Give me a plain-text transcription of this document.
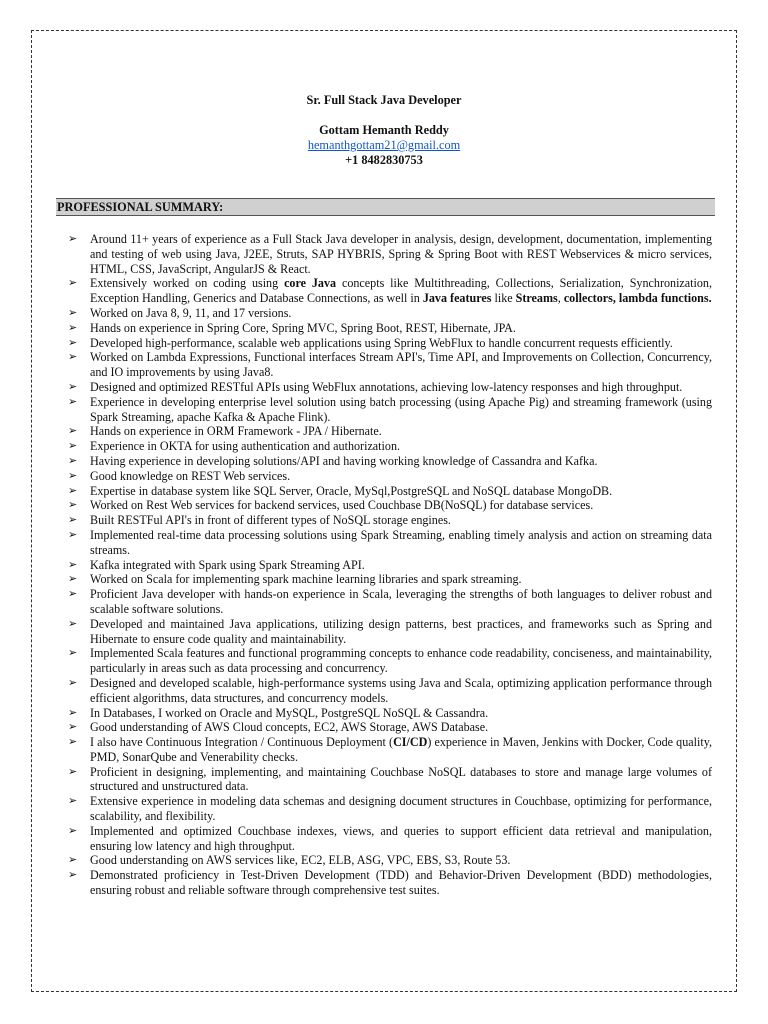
Sr. Full Stack Java Developer
Gottam Hemanth Reddy
hemanthgottam21@gmail.com
+1 8482830753
PROFESSIONAL SUMMARY:
➢ Around 11+ years of experience as a Full Stack Java developer in analysis, design, development, documentation, implementing and testing of web using Java, J2EE, Struts, SAP HYBRIS, Spring & Spring Boot with REST Webservices & micro services, HTML, CSS, JavaScript, AngularJS & React.
➢ Extensively worked on coding using core Java concepts like Multithreading, Collections, Serialization, Synchronization, Exception Handling, Generics and Database Connections, as well in Java features like Streams, collectors, lambda functions.
➢ Worked on Java 8, 9, 11, and 17 versions.
➢ Hands on experience in Spring Core, Spring MVC, Spring Boot, REST, Hibernate, JPA.
➢ Developed high-performance, scalable web applications using Spring WebFlux to handle concurrent requests efficiently.
➢ Worked on Lambda Expressions, Functional interfaces Stream API's, Time API, and Improvements on Collection, Concurrency, and IO improvements by using Java8.
➢ Designed and optimized RESTful APIs using WebFlux annotations, achieving low-latency responses and high throughput.
➢ Experience in developing enterprise level solution using batch processing (using Apache Pig) and streaming framework (using Spark Streaming, apache Kafka & Apache Flink).
➢ Hands on experience in ORM Framework - JPA / Hibernate.
➢ Experience in OKTA for using authentication and authorization.
➢ Having experience in developing solutions/API and having working knowledge of Cassandra and Kafka.
➢ Good knowledge on REST Web services.
➢ Expertise in database system like SQL Server, Oracle, MySql,PostgreSQL and NoSQL database MongoDB.
➢ Worked on Rest Web services for backend services, used Couchbase DB(NoSQL) for database services.
➢ Built RESTFul API's in front of different types of NoSQL storage engines.
➢ Implemented real-time data processing solutions using Spark Streaming, enabling timely analysis and action on streaming data streams.
➢ Kafka integrated with Spark using Spark Streaming API.
➢ Worked on Scala for implementing spark machine learning libraries and spark streaming.
➢ Proficient Java developer with hands-on experience in Scala, leveraging the strengths of both languages to deliver robust and scalable software solutions.
➢ Developed and maintained Java applications, utilizing design patterns, best practices, and frameworks such as Spring and Hibernate to ensure code quality and maintainability.
➢ Implemented Scala features and functional programming concepts to enhance code readability, conciseness, and maintainability, particularly in areas such as data processing and concurrency.
➢ Designed and developed scalable, high-performance systems using Java and Scala, optimizing application performance through efficient algorithms, data structures, and concurrency models.
➢ In Databases, I worked on Oracle and MySQL, PostgreSQL NoSQL & Cassandra.
➢ Good understanding of AWS Cloud concepts, EC2, AWS Storage, AWS Database.
➢ I also have Continuous Integration / Continuous Deployment (CI/CD) experience in Maven, Jenkins with Docker, Code quality, PMD, SonarQube and Venerability checks.
➢ Proficient in designing, implementing, and maintaining Couchbase NoSQL databases to store and manage large volumes of structured and unstructured data.
➢ Extensive experience in modeling data schemas and designing document structures in Couchbase, optimizing for performance, scalability, and flexibility.
➢ Implemented and optimized Couchbase indexes, views, and queries to support efficient data retrieval and manipulation, ensuring low latency and high throughput.
➢ Good understanding on AWS services like, EC2, ELB, ASG, VPC, EBS, S3, Route 53.
➢ Demonstrated proficiency in Test-Driven Development (TDD) and Behavior-Driven Development (BDD) methodologies, ensuring robust and reliable software through comprehensive test suites.
